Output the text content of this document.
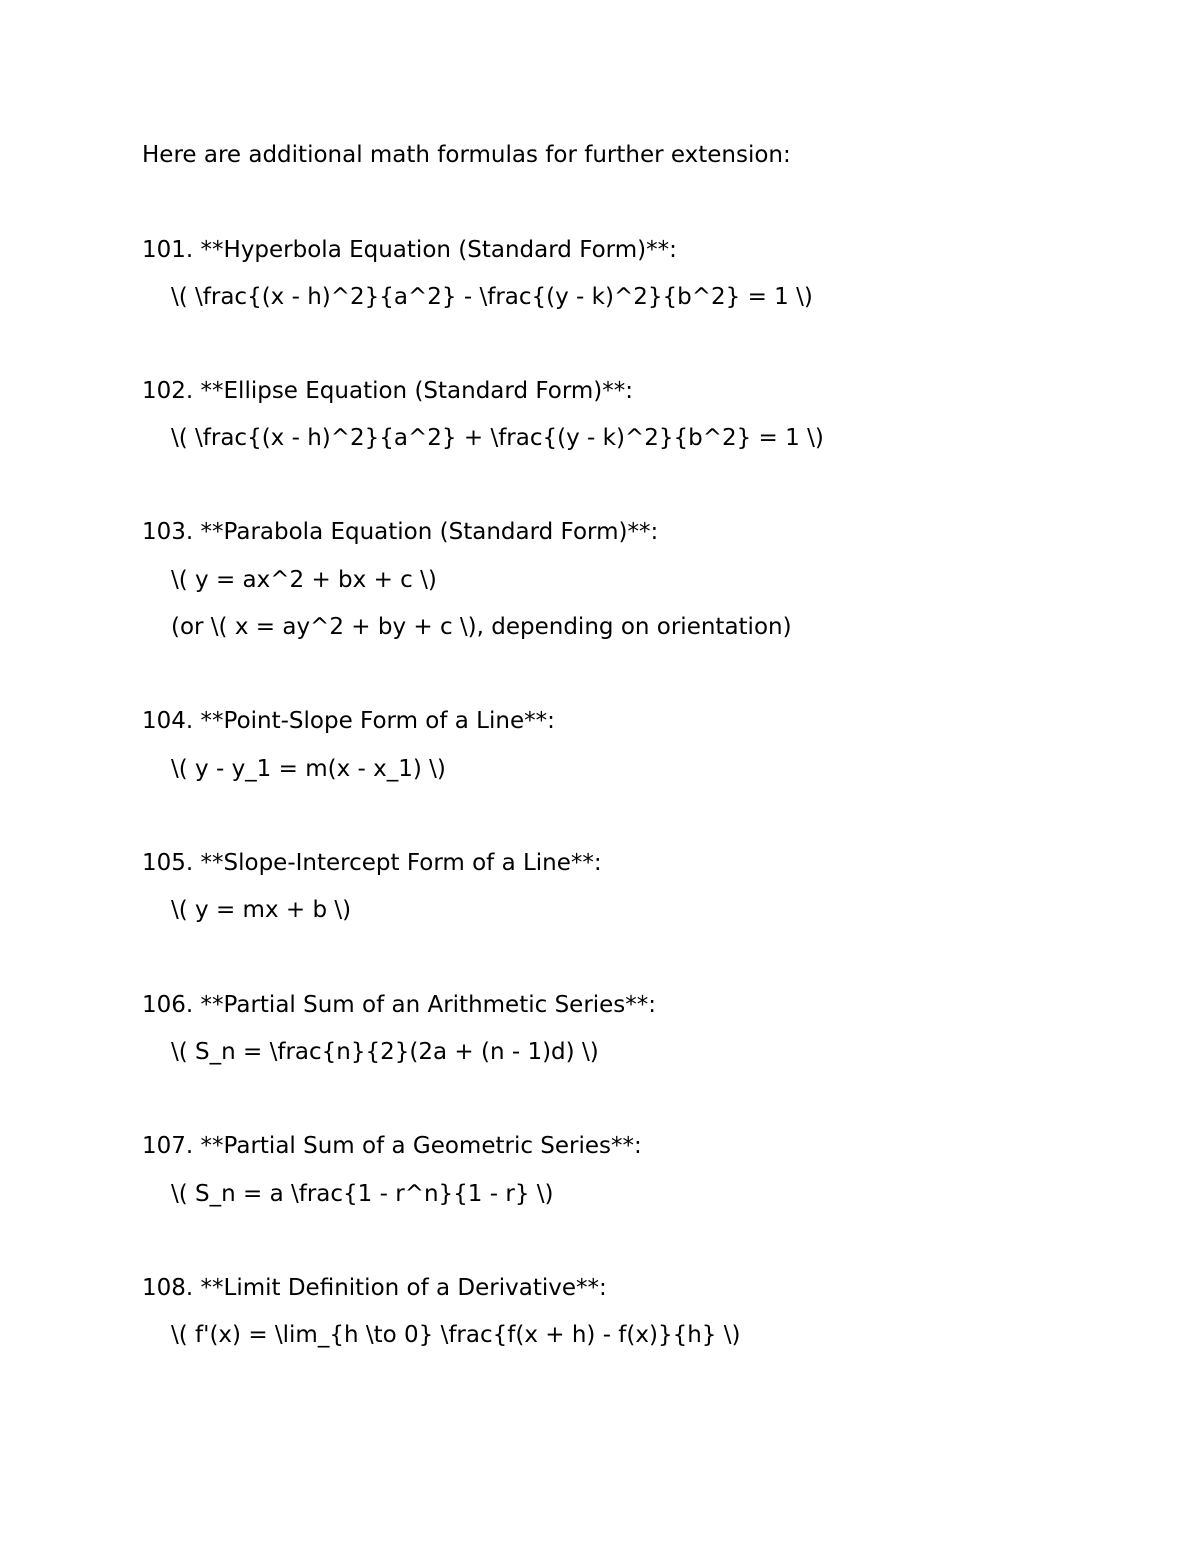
Here are additional math formulas for further extension:
101. **Hyperbola Equation (Standard Form)**:
\( \frac{(x - h)^2}{a^2} - \frac{(y - k)^2}{b^2} = 1 \)
102. **Ellipse Equation (Standard Form)**:
\( \frac{(x - h)^2}{a^2} + \frac{(y - k)^2}{b^2} = 1 \)
103. **Parabola Equation (Standard Form)**:
\( y = ax^2 + bx + c \)
(or \( x = ay^2 + by + c \), depending on orientation)
104. **Point-Slope Form of a Line**:
\( y - y_1 = m(x - x_1) \)
105. **Slope-Intercept Form of a Line**:
\( y = mx + b \)
106. **Partial Sum of an Arithmetic Series**:
\( S_n = \frac{n}{2}(2a + (n - 1)d) \)
107. **Partial Sum of a Geometric Series**:
\( S_n = a \frac{1 - r^n}{1 - r} \)
108. **Limit Definition of a Derivative**:
\( f'(x) = \lim_{h \to 0} \frac{f(x + h) - f(x)}{h} \)
